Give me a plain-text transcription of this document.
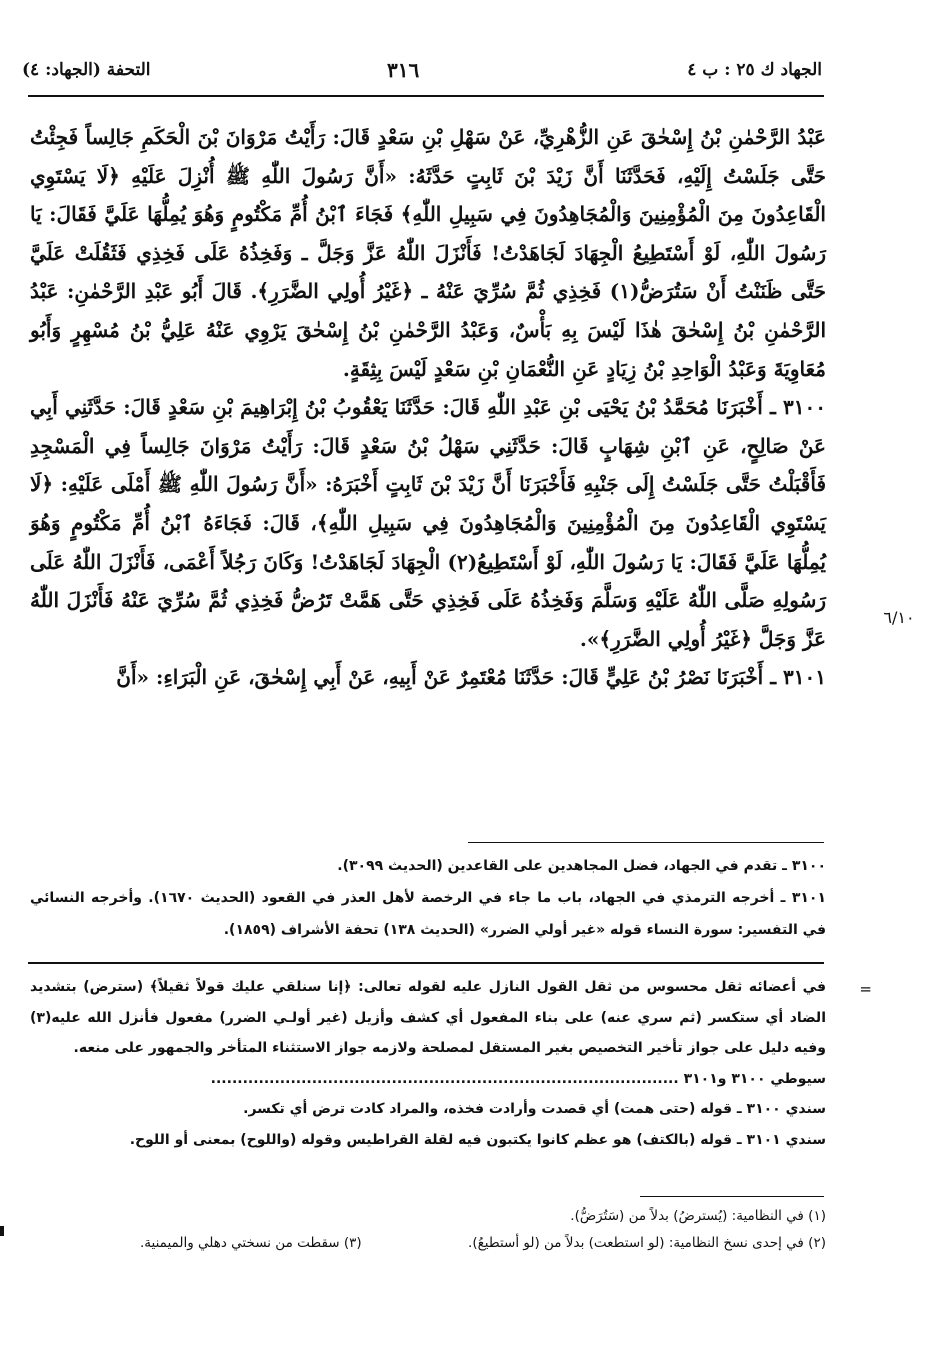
الجهاد ك ٢٥ : ب ٤
٣١٦
التحفة (الجهاد: ٤)

عَبْدُ الرَّحْمٰنِ بْنُ إِسْحٰقَ عَنِ الزُّهْرِيِّ، عَنْ سَهْلِ بْنِ سَعْدٍ قَالَ: رَأَيْتُ مَرْوَانَ بْنَ الْحَكَمِ جَالِساً فَجِئْتُ حَتَّى جَلَسْتُ إِلَيْهِ، فَحَدَّثَنَا أَنَّ زَيْدَ بْنَ ثَابِتٍ حَدَّثَهُ: «أَنَّ رَسُولَ اللّٰهِ ﷺ أُنْزِلَ عَلَيْهِ ﴿لَا يَسْتَوِي الْقَاعِدُونَ مِنَ الْمُؤْمِنِينَ وَالْمُجَاهِدُونَ فِي سَبِيلِ اللّٰهِ﴾ فَجَاءَ ٱبْنُ أُمِّ مَكْتُومٍ وَهُوَ يُمِلُّهَا عَلَيَّ فَقَالَ: يَا رَسُولَ اللّٰهِ، لَوْ أَسْتَطِيعُ الْجِهَادَ لَجَاهَدْتُ! فَأَنْزَلَ اللّٰهُ عَزَّ وَجَلَّ ـ وَفَخِذُهُ عَلَى فَخِذِي فَثَقُلَتْ عَلَيَّ حَتَّى ظَنَنْتُ أَنْ سَتُرَضُّ(١) فَخِذِي ثُمَّ سُرِّيَ عَنْهُ ـ ﴿غَيْرُ أُولِي الضَّرَرِ﴾. قَالَ أَبُو عَبْدِ الرَّحْمٰنِ: عَبْدُ الرَّحْمٰنِ بْنُ إِسْحٰقَ هٰذَا لَيْسَ بِهِ بَأْسٌ، وَعَبْدُ الرَّحْمٰنِ بْنُ إِسْحٰقَ يَرْوِي عَنْهُ عَلِيُّ بْنُ مُسْهِرٍ وَأَبُو مُعَاوِيَةَ وَعَبْدُ الْوَاحِدِ بْنُ زِيَادٍ عَنِ النُّعْمَانِ بْنِ سَعْدٍ لَيْسَ بِثِقَةٍ.

٣١٠٠ ـ أَخْبَرَنَا مُحَمَّدُ بْنُ يَحْيَى بْنِ عَبْدِ اللّٰهِ قَالَ: حَدَّثَنَا يَعْقُوبُ بْنُ إِبْرَاهِيمَ بْنِ سَعْدٍ قَالَ: حَدَّثَنِي أَبِي عَنْ صَالِحٍ، عَنِ ٱبْنِ شِهَابٍ قَالَ: حَدَّثَنِي سَهْلُ بْنُ سَعْدٍ قَالَ: رَأَيْتُ مَرْوَانَ جَالِساً فِي الْمَسْجِدِ فَأَقْبَلْتُ حَتَّى جَلَسْتُ إِلَى جَنْبِهِ فَأَخْبَرَنَا أَنَّ زَيْدَ بْنَ ثَابِتٍ أَخْبَرَهُ: «أَنَّ رَسُولَ اللّٰهِ ﷺ أَمْلَى عَلَيْهِ: ﴿لَا يَسْتَوِي الْقَاعِدُونَ مِنَ الْمُؤْمِنِينَ وَالْمُجَاهِدُونَ فِي سَبِيلِ اللّٰهِ﴾، قَالَ: فَجَاءَهُ ٱبْنُ أُمِّ مَكْتُومٍ وَهُوَ يُمِلُّهَا عَلَيَّ فَقَالَ: يَا رَسُولَ اللّٰهِ، لَوْ أَسْتَطِيعُ(٢) الْجِهَادَ لَجَاهَدْتُ! وَكَانَ رَجُلاً أَعْمَى، فَأَنْزَلَ اللّٰهُ عَلَى رَسُولِهِ صَلَّى اللّٰهُ عَلَيْهِ وَسَلَّمَ وَفَخِذُهُ عَلَى فَخِذِي حَتَّى هَمَّتْ تَرُضُّ فَخِذِي ثُمَّ سُرِّيَ عَنْهُ فَأَنْزَلَ اللّٰهُ عَزَّ وَجَلَّ ﴿غَيْرُ أُولِي الضَّرَرِ﴾».

٣١٠١ ـ أَخْبَرَنَا نَصْرُ بْنُ عَلِيٍّ قَالَ: حَدَّثَنَا مُعْتَمِرٌ عَنْ أَبِيهِ، عَنْ أَبِي إِسْحٰقَ، عَنِ الْبَرَاءِ: «أَنَّ

٦/١٠

٣١٠٠ ـ تقدم في الجهاد، فضل المجاهدين على القاعدين (الحديث ٣٠٩٩).

٣١٠١ ـ أخرجه الترمذي في الجهاد، باب ما جاء في الرخصة لأهل العذر في القعود (الحديث ١٦٧٠). وأخرجه النسائي في التفسير: سورة النساء قوله «غير أولي الضرر» (الحديث ١٣٨) تحفة الأشراف (١٨٥٩).

=

في أعضائه ثقل محسوس من ثقل القول النازل عليه لقوله تعالى: ﴿إنا سنلقي عليك قولاً ثقيلاً﴾ (سترض) بتشديد الضاد أي ستكسر (ثم سري عنه) على بناء المفعول أي كشف وأزيل (غير أولـي الضرر) مفعول فأنزل الله عليه(٣) وفيه دليل على جواز تأخير التخصيص بغير المستقل لمصلحة ولازمه جواز الاستثناء المتأخر والجمهور على منعه.

سيوطي ٣١٠٠ و٣١٠١ ........................................................................................

سندي ٣١٠٠ ـ قوله (حتى همت) أي قصدت وأرادت فخذه، والمراد كادت ترض أي تكسر.

سندي ٣١٠١ ـ قوله (بالكتف) هو عظم كانوا يكتبون فيه لقلة القراطيس وقوله (واللوح) بمعنى أو اللوح.

(١) في النظامية: (يُسترضُ) بدلاً من (سَتُرَضُّ).

(٢) في إحدى نسخ النظامية: (لو استطعت) بدلاً من (لو أستطيعُ).
(٣) سقطت من نسختي دهلي والميمنية.
